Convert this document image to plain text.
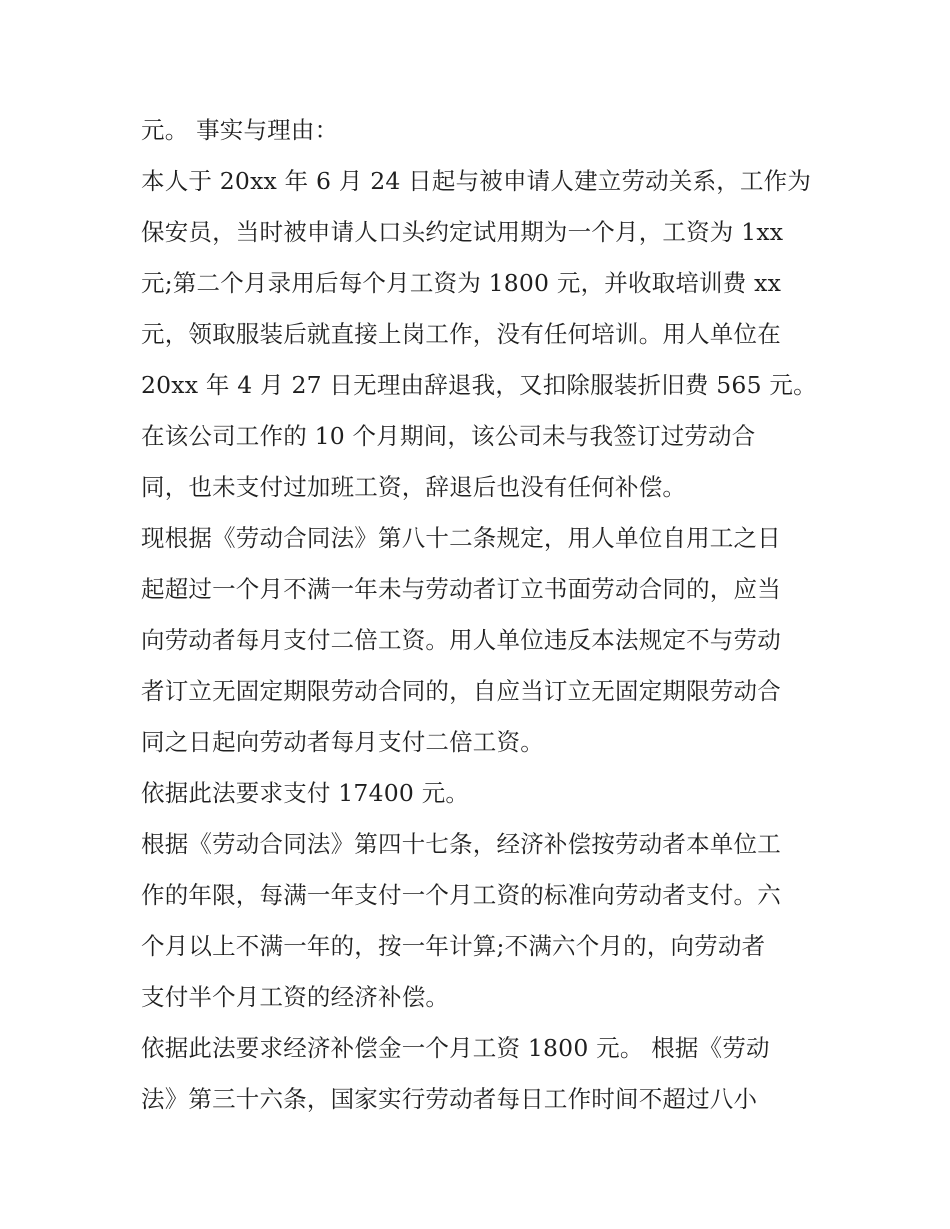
元。 事实与理由：
本人于 20xx 年 6 月 24 日起与被申请人建立劳动关系，工作为
保安员，当时被申请人口头约定试用期为一个月，工资为 1xx
元;第二个月录用后每个月工资为 1800 元，并收取培训费 xx
元，领取服装后就直接上岗工作，没有任何培训。用人单位在
20xx 年 4 月 27 日无理由辞退我，又扣除服装折旧费 565 元。
在该公司工作的 10 个月期间，该公司未与我签订过劳动合
同，也未支付过加班工资，辞退后也没有任何补偿。
现根据《劳动合同法》第八十二条规定，用人单位自用工之日
起超过一个月不满一年未与劳动者订立书面劳动合同的，应当
向劳动者每月支付二倍工资。用人单位违反本法规定不与劳动
者订立无固定期限劳动合同的，自应当订立无固定期限劳动合
同之日起向劳动者每月支付二倍工资。
依据此法要求支付 17400 元。
根据《劳动合同法》第四十七条，经济补偿按劳动者本单位工
作的年限，每满一年支付一个月工资的标准向劳动者支付。六
个月以上不满一年的，按一年计算;不满六个月的，向劳动者
支付半个月工资的经济补偿。
依据此法要求经济补偿金一个月工资 1800 元。 根据《劳动
法》第三十六条，国家实行劳动者每日工作时间不超过八小
